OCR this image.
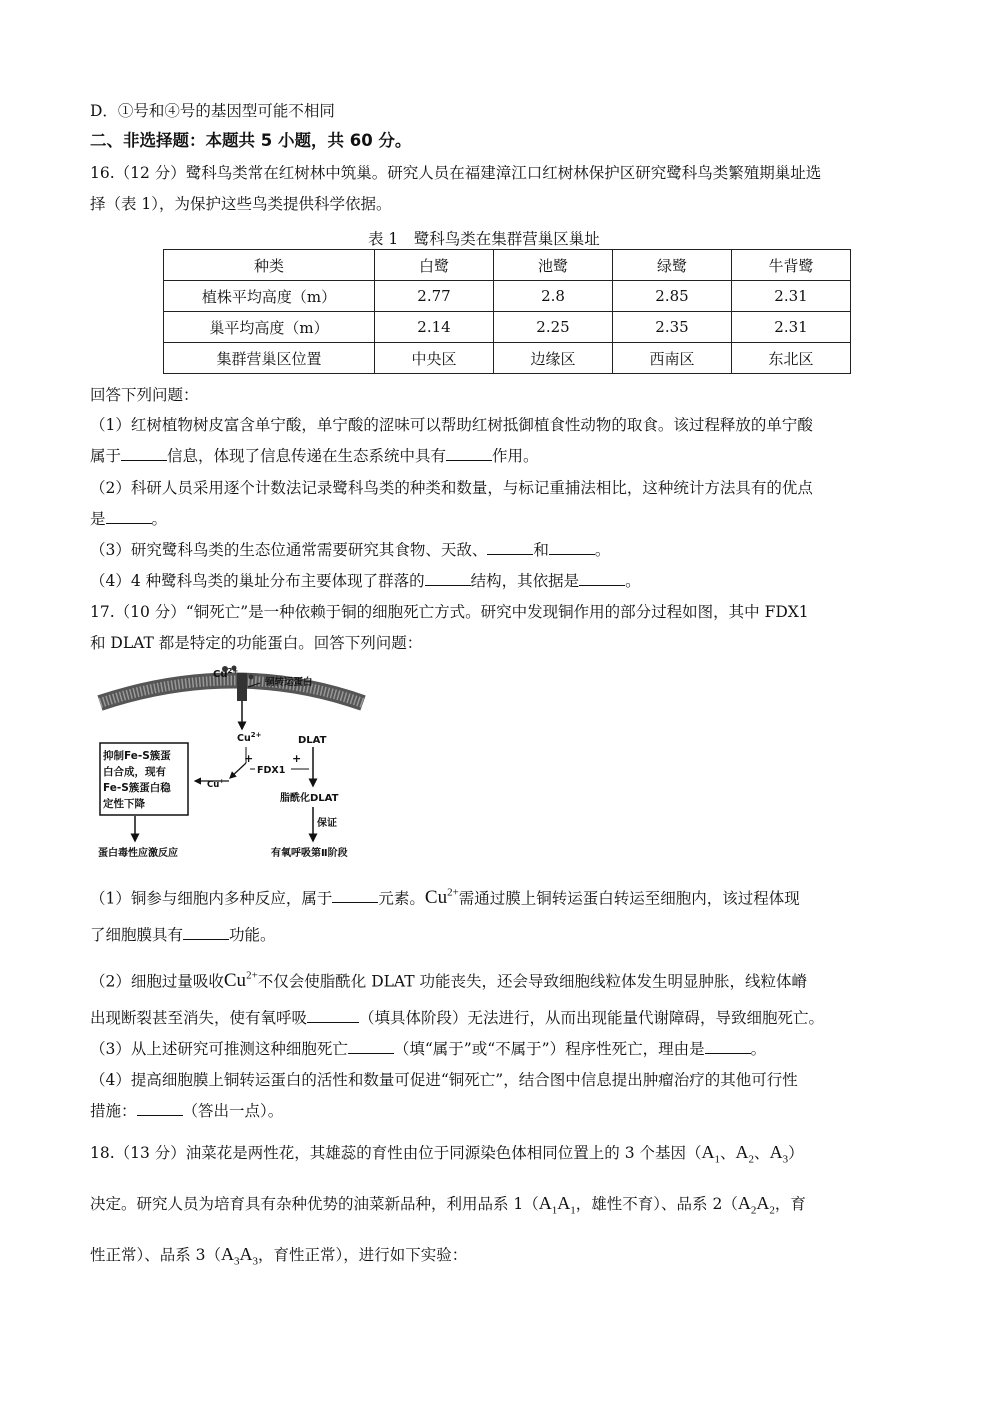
D．①号和④号的基因型可能不相同
二、非选择题：本题共 5 小题，共 60 分。
16.（12 分）鹭科鸟类常在红树林中筑巢。研究人员在福建漳江口红树林保护区研究鹭科鸟类繁殖期巢址选
择（表 1），为保护这些鸟类提供科学依据。
表 1　鹭科鸟类在集群营巢区巢址
种类	白鹭	池鹭	绿鹭	牛背鹭
植株平均高度（m）	2.77	2.8	2.85	2.31
巢平均高度（m）	2.14	2.25	2.35	2.31
集群营巢区位置	中央区	边缘区	西南区	东北区
回答下列问题：
（1）红树植物树皮富含单宁酸，单宁酸的涩味可以帮助红树抵御植食性动物的取食。该过程释放的单宁酸
属于	信息，体现了信息传递在生态系统中具有	作用。
（2）科研人员采用逐个计数法记录鹭科鸟类的种类和数量，与标记重捕法相比，这种统计方法具有的优点
是	。
（3）研究鹭科鸟类的生态位通常需要研究其食物、天敌、	和	。
（4）4 种鹭科鸟类的巢址分布主要体现了群落的	结构，其依据是	。
17.（10 分）“铜死亡”是一种依赖于铜的细胞死亡方式。研究中发现铜作用的部分过程如图，其中 FDX1
和 DLAT 都是特定的功能蛋白。回答下列问题：
$Cu^{2+}$
铜转运蛋白
$Cu^{2+}$	DLAT
+	+
FDX1
Cu+
抑制Fe-S簇蛋
白合成，现有
Fe-S簇蛋白稳
定性下降	脂酰化DLAT
保证
蛋白毒性应激反应	有氧呼吸第Ⅱ阶段
（1）铜参与细胞内多种反应，属于	元素。$Cu^{2+}$需通过膜上铜转运蛋白转运至细胞内，该过程体现
了细胞膜具有	功能。
（2）细胞过量吸收$Cu^{2+}$不仅会使脂酰化 DLAT 功能丧失，还会导致细胞线粒体发生明显肿胀，线粒体嵴
出现断裂甚至消失，使有氧呼吸	（填具体阶段）无法进行，从而出现能量代谢障碍，导致细胞死亡。
（3）从上述研究可推测这种细胞死亡	（填“属于”或“不属于”）程序性死亡，理由是	。
（4）提高细胞膜上铜转运蛋白的活性和数量可促进“铜死亡”，结合图中信息提出肿瘤治疗的其他可行性
措施：	（答出一点）。
18.（13 分）油菜花是两性花，其雄蕊的育性由位于同源染色体相同位置上的 3 个基因（$A_1$、$A_2$、$A_3$）
决定。研究人员为培育具有杂种优势的油菜新品种，利用品系 $1(A_1A_1$，雄性不育）、品系 $2(A_2A_2$，育
性正常）、品系 $3(A_3A_3$，育性正常），进行如下实验：
